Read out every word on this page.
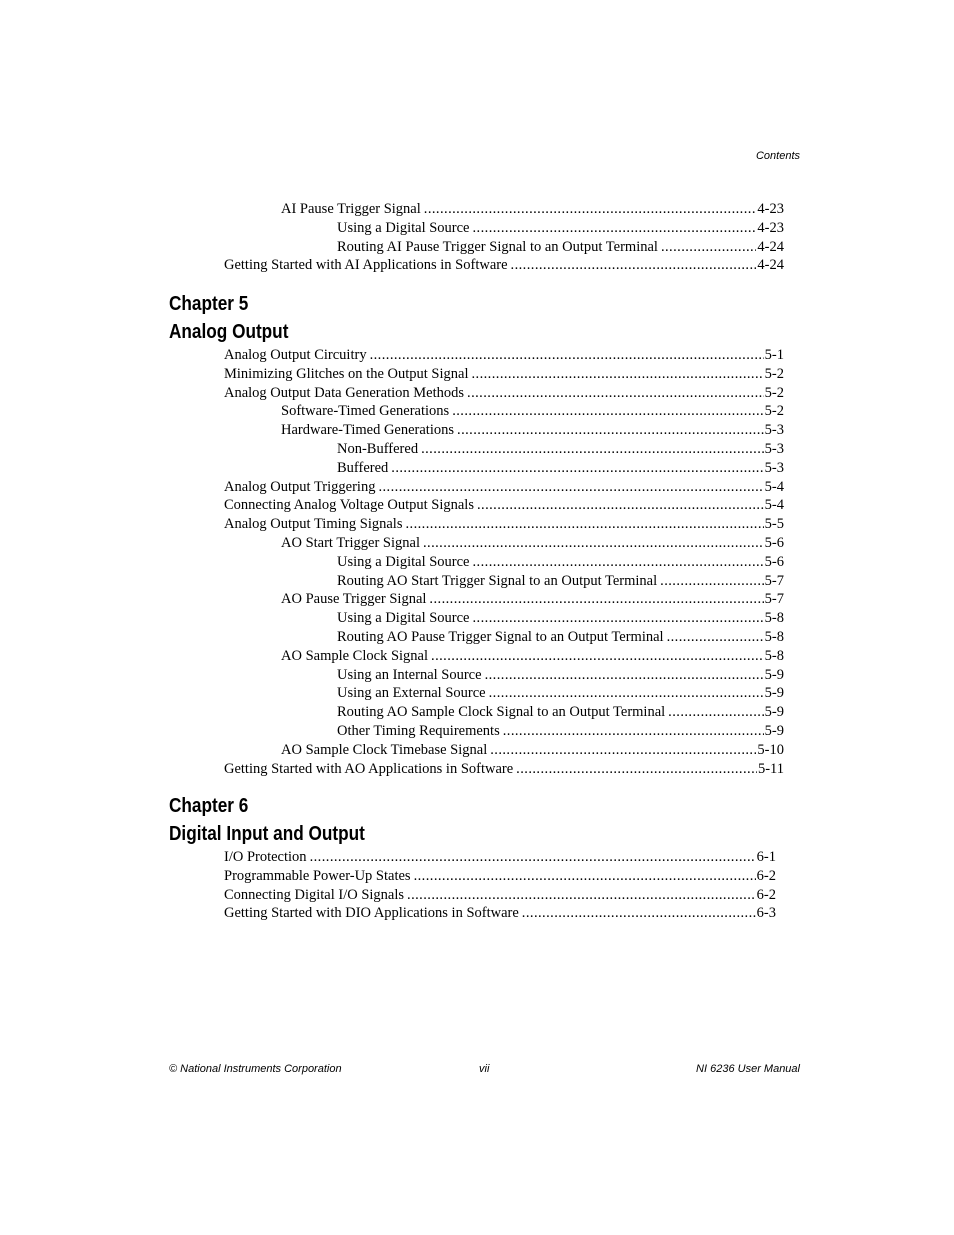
Contents
AI Pause Trigger Signal . . .	4-23
Using a Digital Source . . .	4-23
Routing AI Pause Trigger Signal to an Output Terminal . . .	4-24
Getting Started with AI Applications in Software . . .	4-24
Chapter 5
Analog Output
Analog Output Circuitry . . .	5-1
Minimizing Glitches on the Output Signal . . .	5-2
Analog Output Data Generation Methods . . .	5-2
Software-Timed Generations . . .	5-2
Hardware-Timed Generations . . .	5-3
Non-Buffered . . .	5-3
Buffered . . .	5-3
Analog Output Triggering . . .	5-4
Connecting Analog Voltage Output Signals . . .	5-4
Analog Output Timing Signals . . .	5-5
AO Start Trigger Signal . . .	5-6
Using a Digital Source . . .	5-6
Routing AO Start Trigger Signal to an Output Terminal . . .	5-7
AO Pause Trigger Signal . . .	5-7
Using a Digital Source . . .	5-8
Routing AO Pause Trigger Signal to an Output Terminal . . .	5-8
AO Sample Clock Signal . . .	5-8
Using an Internal Source . . .	5-9
Using an External Source . . .	5-9
Routing AO Sample Clock Signal to an Output Terminal . . .	5-9
Other Timing Requirements . . .	5-9
AO Sample Clock Timebase Signal . . .	5-10
Getting Started with AO Applications in Software . . .	5-11
Chapter 6
Digital Input and Output
I/O Protection . . .	6-1
Programmable Power-Up States . . .	6-2
Connecting Digital I/O Signals . . .	6-2
Getting Started with DIO Applications in Software . . .	6-3
© National Instruments Corporation	vii	NI 6236 User Manual
